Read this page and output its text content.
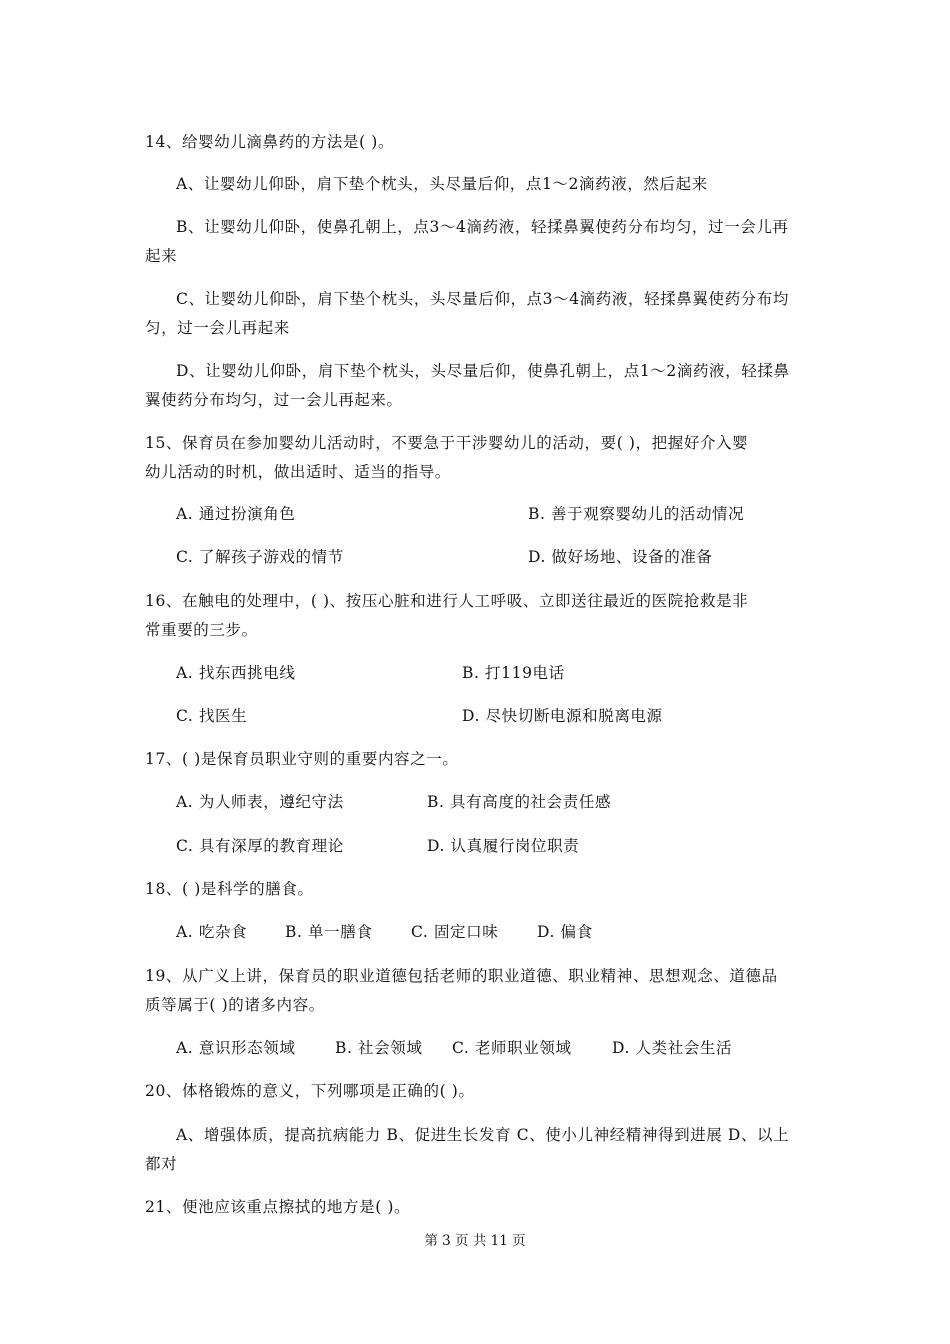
14、给婴幼儿滴鼻药的方法是( )。
A、让婴幼儿仰卧，肩下垫个枕头，头尽量后仰，点1～2滴药液，然后起来
B、让婴幼儿仰卧，使鼻孔朝上，点3～4滴药液，轻揉鼻翼使药分布均匀，过一会儿再
起来
C、让婴幼儿仰卧，肩下垫个枕头，头尽量后仰，点3～4滴药液，轻揉鼻翼使药分布均
匀，过一会儿再起来
D、让婴幼儿仰卧，肩下垫个枕头，头尽量后仰，使鼻孔朝上，点1～2滴药液，轻揉鼻
翼使药分布均匀，过一会儿再起来。
15、保育员在参加婴幼儿活动时，不要急于干涉婴幼儿的活动，要( )，把握好介入婴
幼儿活动的时机，做出适时、适当的指导。
A. 通过扮演角色	B. 善于观察婴幼儿的活动情况
C. 了解孩子游戏的情节	D. 做好场地、设备的准备
16、在触电的处理中，( )、按压心脏和进行人工呼吸、立即送往最近的医院抢救是非
常重要的三步。
A. 找东西挑电线	B. 打119电话
C. 找医生	D. 尽快切断电源和脱离电源
17、( )是保育员职业守则的重要内容之一。
A. 为人师表，遵纪守法	B. 具有高度的社会责任感
C. 具有深厚的教育理论	D. 认真履行岗位职责
18、( )是科学的膳食。
A. 吃杂食 B. 单一膳食 C. 固定口味 D. 偏食
19、从广义上讲，保育员的职业道德包括老师的职业道德、职业精神、思想观念、道德品
质等属于( )的诸多内容。
A. 意识形态领域	B. 社会领域 C. 老师职业领域	D. 人类社会生活
20、体格锻炼的意义，下列哪项是正确的( )。
A、增强体质，提高抗病能力 B、促进生长发育 C、使小儿神经精神得到进展 D、以上
都对
21、便池应该重点擦拭的地方是( )。
第 3 页 共 11 页
